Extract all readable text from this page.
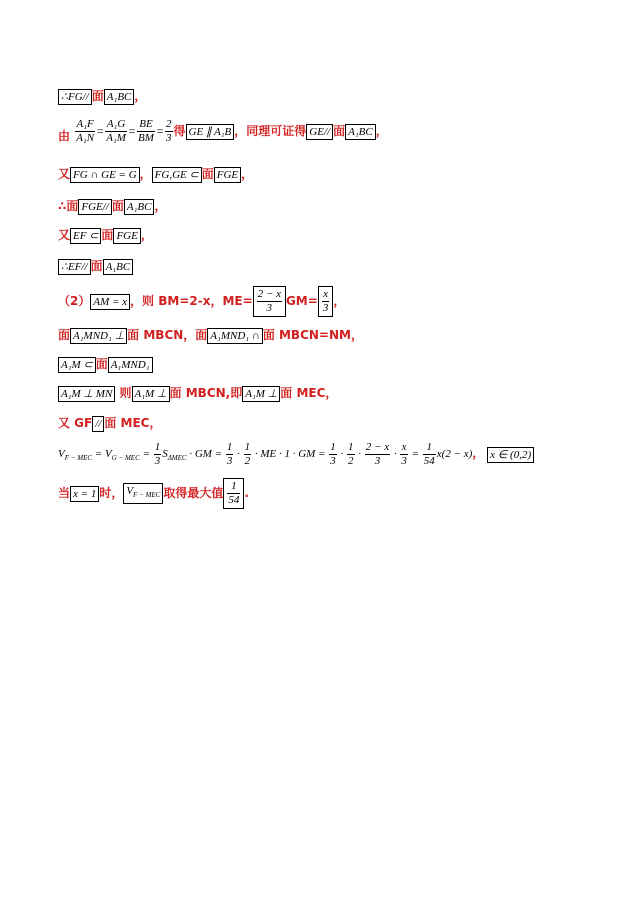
∴FG// 面 A₁BC ，
由 $\frac{\text{A₁F}}{\text{A₁N}} = \frac{\text{A₁G}}{\text{A₁M}} = \frac{BE}{BM} = \frac{2}{3}$ 得 GE ∥ A₁B ，同理可证得 GE// 面 A₁BC ，
又 FG ∩ GE = G ， FG,GE ⊂ 面 FGE ，
∴面 FGE// 面 A₁BC ，
又 EF ⊂ 面 FGE ，
∴EF// 面 A₁BC
（2） AM = x ，则 BM=2-x，$ME= \frac{2 - x}{3} GM= \frac{x}{3}$ ，
面 A₁MND₁ ⊥ 面 MBCN，面 A₁MND₁ ∩ 面 MBCN=NM，
A₁M ⊂ 面 A₁MND₁
A₁M ⊥ MN 则 A₁M ⊥ 面 MBCN,即 A₁M ⊥ 面 MEC，
又 GF // 面 MEC，
$V_{F - MEC} = V_{G - MEC} = \frac{1}{3} S_{\Delta MEC}$ · GM = $\frac{1}{3} \cdot \frac{1}{2}$ · ME · 1 · GM = $\frac{1}{3} \cdot \frac{1}{2} \cdot \frac{2 - x}{3} \cdot \frac{x}{3} = \frac{1}{54} x(2 - x)$， x ∈ (0,2)
当 x = 1 时， $V_{F - MEC}$ 取得最大值 $\frac{1}{54}$ .
